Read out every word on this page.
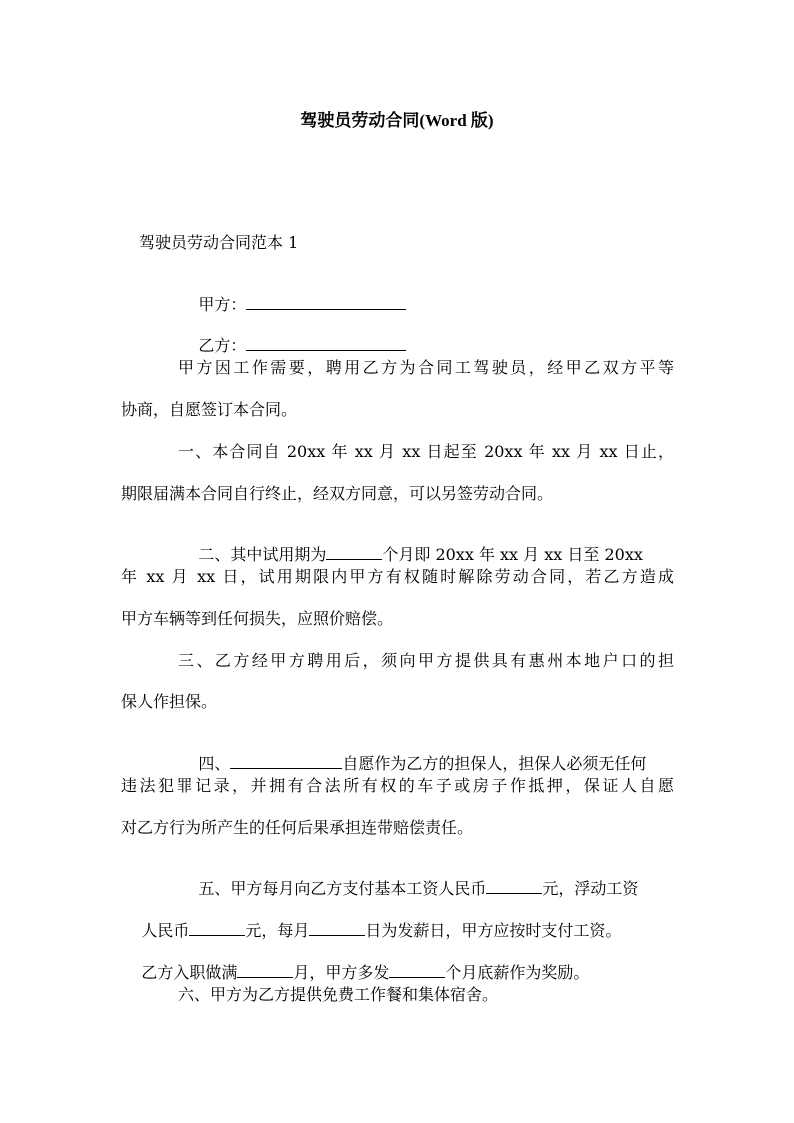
驾驶员劳动合同(Word 版)
驾驶员劳动合同范本 1

甲方：

乙方：

甲方因工作需要，聘用乙方为合同工驾驶员，经甲乙双方平等
协商，自愿签订本合同。
一、本合同自 20xx 年 xx 月 xx 日起至 20xx 年 xx 月 xx 日止，
期限届满本合同自行终止，经双方同意，可以另签劳动合同。

二、其中试用期为	个月即 20xx 年 xx 月 xx 日至 20xx

年 xx 月 xx 日，试用期限内甲方有权随时解除劳动合同，若乙方造成
甲方车辆等到任何损失，应照价赔偿。
三、乙方经甲方聘用后，须向甲方提供具有惠州本地户口的担
保人作担保。

四、	自愿作为乙方的担保人，担保人必须无任何

违法犯罪记录，并拥有合法所有权的车子或房子作抵押，保证人自愿
对乙方行为所产生的任何后果承担连带赔偿责任。

五、甲方每月向乙方支付基本工资人民币	元，浮动工资

人民币	元，每月	日为发薪日，甲方应按时支付工资。

乙方入职做满	月，甲方多发	个月底薪作为奖励。

六、甲方为乙方提供免费工作餐和集体宿舍。
